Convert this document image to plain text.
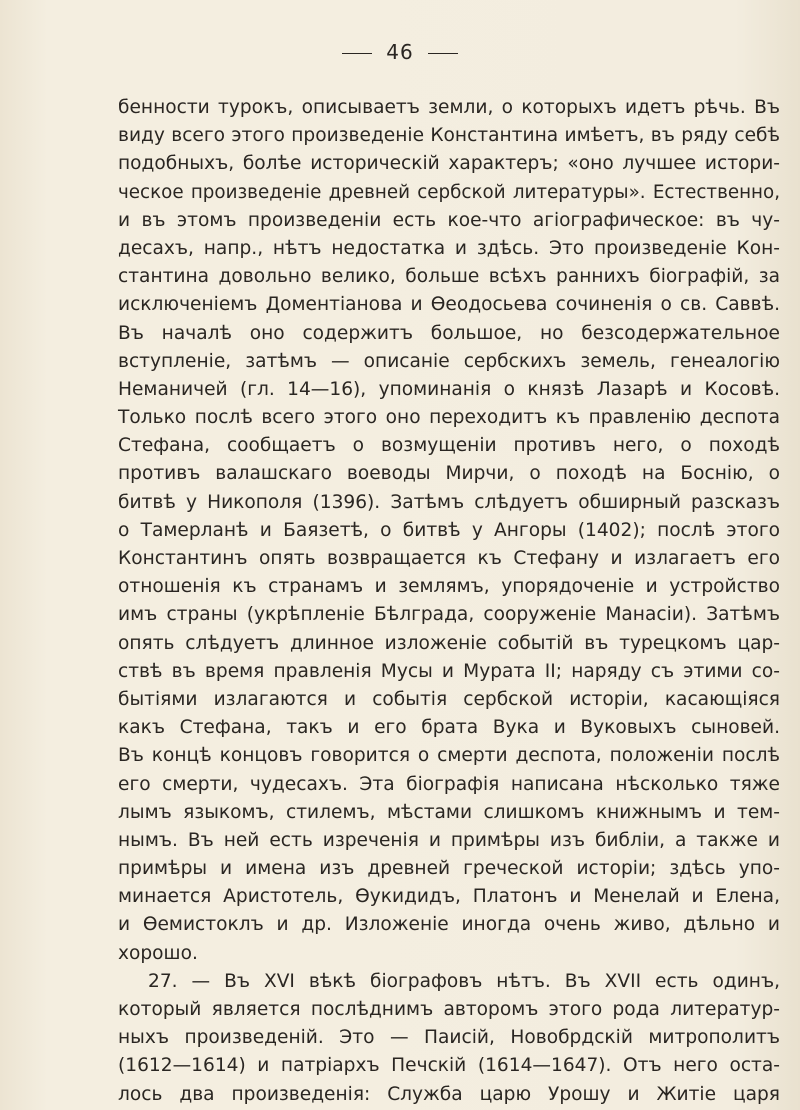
46
бенности турокъ, описываетъ земли, о которыхъ идетъ рѣчь. Въ
виду всего этого произведеніе Константина имѣетъ, въ ряду себѣ
подобныхъ, болѣе историческій характеръ; «оно лучшее истори-
ческое произведеніе древней сербской литературы». Естественно,
и въ этомъ произведеніи есть кое-что агіографическое: въ чу-
десахъ, напр., нѣтъ недостатка и здѣсь. Это произведеніе Кон-
стантина довольно велико, больше всѣхъ раннихъ біографій, за
исключеніемъ Доментіанова и Ѳеодосьева сочиненія о св. Саввѣ.
Въ началѣ оно содержитъ большое, но безсодержательное
вступленіе, затѣмъ — описаніе сербскихъ земель, генеалогію
Неманичей (гл. 14—16), упоминанія о князѣ Лазарѣ и Косовѣ.
Только послѣ всего этого оно переходитъ къ правленію деспота
Стефана, сообщаетъ о возмущеніи противъ него, о походѣ
противъ валашскаго воеводы Мирчи, о походѣ на Боснію, о
битвѣ у Никополя (1396). Затѣмъ слѣдуетъ обширный разсказъ
о Тамерланѣ и Баязетѣ, о битвѣ у Ангоры (1402); послѣ этого
Константинъ опять возвращается къ Стефану и излагаетъ его
отношенія къ странамъ и землямъ, упорядоченіе и устройство
имъ страны (укрѣпленіе Бѣлграда, сооруженіе Манасіи). Затѣмъ
опять слѣдуетъ длинное изложеніе событій въ турецкомъ цар-
ствѣ въ время правленія Мусы и Мурата II; наряду съ этими со-
бытіями излагаются и событія сербской исторіи, касающіяся
какъ Стефана, такъ и его брата Вука и Вуковыхъ сыновей.
Въ концѣ концовъ говорится о смерти деспота, положеніи послѣ
его смерти, чудесахъ. Эта біографія написана нѣсколько тяже
лымъ языкомъ, стилемъ, мѣстами слишкомъ книжнымъ и тем-
нымъ. Въ ней есть изреченія и примѣры изъ библіи, а также и
примѣры и имена изъ древней греческой исторіи; здѣсь упо-
минается Аристотель, Ѳукидидъ, Платонъ и Менелай и Елена,
и Ѳемистоклъ и др. Изложеніе иногда очень живо, дѣльно и
хорошо.
27. — Въ XVI вѣкѣ біографовъ нѣтъ. Въ XVII есть одинъ,
который является послѣднимъ авторомъ этого рода литератур-
ныхъ произведеній. Это — Паисій, Новобрдскій митрополитъ
(1612—1614) и патріархъ Печскій (1614—1647). Отъ него оста-
лось два произведенія: Служба царю Урошу и Житіе царя
